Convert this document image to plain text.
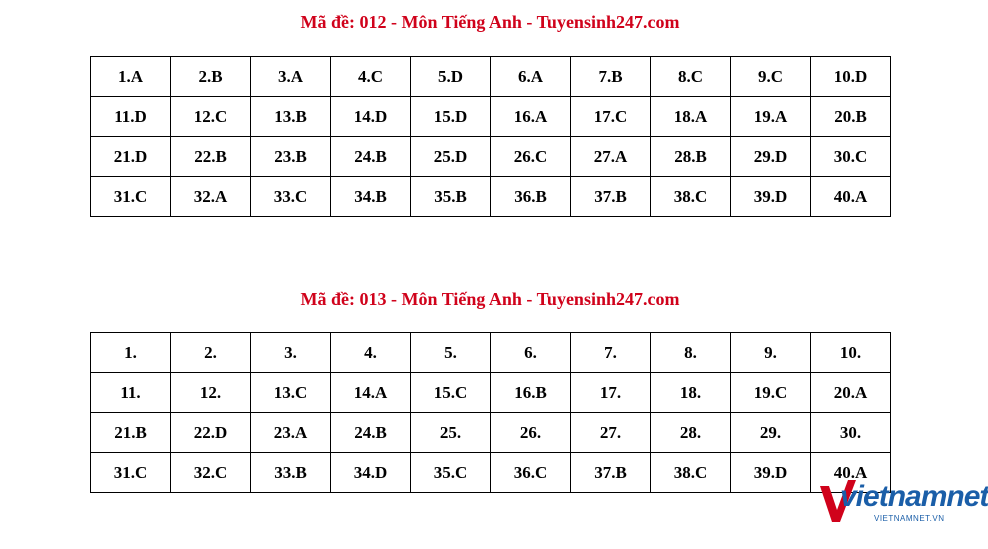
Mã đề: 012 - Môn Tiếng Anh - Tuyensinh247.com
1.A	2.B	3.A	4.C	5.D	6.A	7.B	8.C	9.C	10.D
11.D	12.C	13.B	14.D	15.D	16.A	17.C	18.A	19.A	20.B
21.D	22.B	23.B	24.B	25.D	26.C	27.A	28.B	29.D	30.C
31.C	32.A	33.C	34.B	35.B	36.B	37.B	38.C	39.D	40.A
Mã đề: 013 - Môn Tiếng Anh - Tuyensinh247.com
1.	2.	3.	4.	5.	6.	7.	8.	9.	10.
11.	12.	13.C	14.A	15.C	16.B	17.	18.	19.C	20.A
21.B	22.D	23.A	24.B	25.	26.	27.	28.	29.	30.
31.C	32.C	33.B	34.D	35.C	36.C	37.B	38.C	39.D	40.A
vietnamnet
VIETNAMNET.VN
